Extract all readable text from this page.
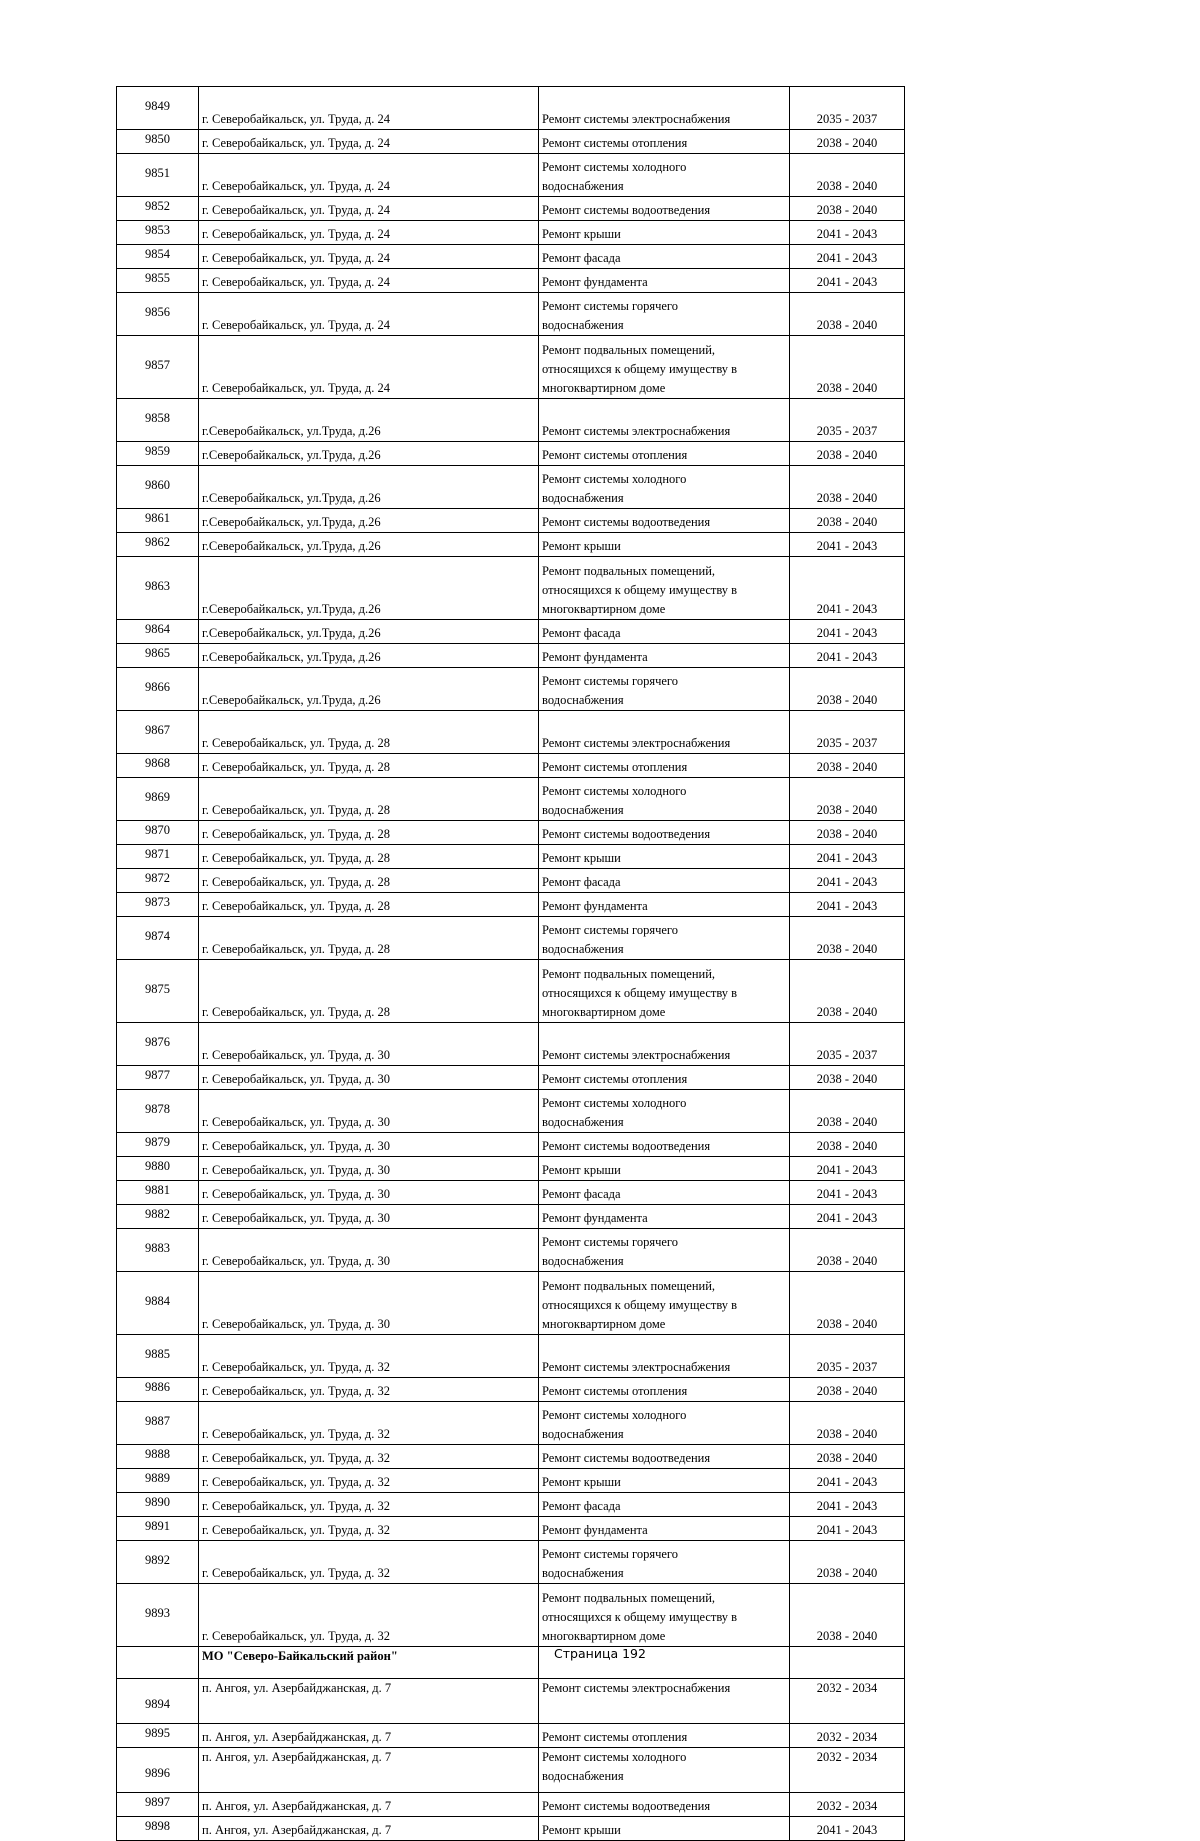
9849	г. Северобайкальск, ул. Труда, д. 24	Ремонт системы электроснабжения	2035 - 2037
9850	г. Северобайкальск, ул. Труда, д. 24	Ремонт системы отопления	2038 - 2040
9851	г. Северобайкальск, ул. Труда, д. 24	Ремонт системы холодного
водоснабжения	2038 - 2040
9852	г. Северобайкальск, ул. Труда, д. 24	Ремонт системы водоотведения	2038 - 2040
9853	г. Северобайкальск, ул. Труда, д. 24	Ремонт крыши	2041 - 2043
9854	г. Северобайкальск, ул. Труда, д. 24	Ремонт фасада	2041 - 2043
9855	г. Северобайкальск, ул. Труда, д. 24	Ремонт фундамента	2041 - 2043
9856	г. Северобайкальск, ул. Труда, д. 24	Ремонт системы горячего
водоснабжения	2038 - 2040
9857	г. Северобайкальск, ул. Труда, д. 24	Ремонт подвальных помещений,
относящихся к общему имуществу в
многоквартирном доме	2038 - 2040
9858	г.Северобайкальск, ул.Труда, д.26	Ремонт системы электроснабжения	2035 - 2037
9859	г.Северобайкальск, ул.Труда, д.26	Ремонт системы отопления	2038 - 2040
9860	г.Северобайкальск, ул.Труда, д.26	Ремонт системы холодного
водоснабжения	2038 - 2040
9861	г.Северобайкальск, ул.Труда, д.26	Ремонт системы водоотведения	2038 - 2040
9862	г.Северобайкальск, ул.Труда, д.26	Ремонт крыши	2041 - 2043
9863	г.Северобайкальск, ул.Труда, д.26	Ремонт подвальных помещений,
относящихся к общему имуществу в
многоквартирном доме	2041 - 2043
9864	г.Северобайкальск, ул.Труда, д.26	Ремонт фасада	2041 - 2043
9865	г.Северобайкальск, ул.Труда, д.26	Ремонт фундамента	2041 - 2043
9866	г.Северобайкальск, ул.Труда, д.26	Ремонт системы горячего
водоснабжения	2038 - 2040
9867	г. Северобайкальск, ул. Труда, д. 28	Ремонт системы электроснабжения	2035 - 2037
9868	г. Северобайкальск, ул. Труда, д. 28	Ремонт системы отопления	2038 - 2040
9869	г. Северобайкальск, ул. Труда, д. 28	Ремонт системы холодного
водоснабжения	2038 - 2040
9870	г. Северобайкальск, ул. Труда, д. 28	Ремонт системы водоотведения	2038 - 2040
9871	г. Северобайкальск, ул. Труда, д. 28	Ремонт крыши	2041 - 2043
9872	г. Северобайкальск, ул. Труда, д. 28	Ремонт фасада	2041 - 2043
9873	г. Северобайкальск, ул. Труда, д. 28	Ремонт фундамента	2041 - 2043
9874	г. Северобайкальск, ул. Труда, д. 28	Ремонт системы горячего
водоснабжения	2038 - 2040
9875	г. Северобайкальск, ул. Труда, д. 28	Ремонт подвальных помещений,
относящихся к общему имуществу в
многоквартирном доме	2038 - 2040
9876	г. Северобайкальск, ул. Труда, д. 30	Ремонт системы электроснабжения	2035 - 2037
9877	г. Северобайкальск, ул. Труда, д. 30	Ремонт системы отопления	2038 - 2040
9878	г. Северобайкальск, ул. Труда, д. 30	Ремонт системы холодного
водоснабжения	2038 - 2040
9879	г. Северобайкальск, ул. Труда, д. 30	Ремонт системы водоотведения	2038 - 2040
9880	г. Северобайкальск, ул. Труда, д. 30	Ремонт крыши	2041 - 2043
9881	г. Северобайкальск, ул. Труда, д. 30	Ремонт фасада	2041 - 2043
9882	г. Северобайкальск, ул. Труда, д. 30	Ремонт фундамента	2041 - 2043
9883	г. Северобайкальск, ул. Труда, д. 30	Ремонт системы горячего
водоснабжения	2038 - 2040
9884	г. Северобайкальск, ул. Труда, д. 30	Ремонт подвальных помещений,
относящихся к общему имуществу в
многоквартирном доме	2038 - 2040
9885	г. Северобайкальск, ул. Труда, д. 32	Ремонт системы электроснабжения	2035 - 2037
9886	г. Северобайкальск, ул. Труда, д. 32	Ремонт системы отопления	2038 - 2040
9887	г. Северобайкальск, ул. Труда, д. 32	Ремонт системы холодного
водоснабжения	2038 - 2040
9888	г. Северобайкальск, ул. Труда, д. 32	Ремонт системы водоотведения	2038 - 2040
9889	г. Северобайкальск, ул. Труда, д. 32	Ремонт крыши	2041 - 2043
9890	г. Северобайкальск, ул. Труда, д. 32	Ремонт фасада	2041 - 2043
9891	г. Северобайкальск, ул. Труда, д. 32	Ремонт фундамента	2041 - 2043
9892	г. Северобайкальск, ул. Труда, д. 32	Ремонт системы горячего
водоснабжения	2038 - 2040
9893	г. Северобайкальск, ул. Труда, д. 32	Ремонт подвальных помещений,
относящихся к общему имуществу в
многоквартирном доме	2038 - 2040
	МО "Северо-Байкальский район"		
9894	п. Ангоя, ул. Азербайджанская, д. 7	Ремонт системы электроснабжения	2032 - 2034
9895	п. Ангоя, ул. Азербайджанская, д. 7	Ремонт системы отопления	2032 - 2034
9896	п. Ангоя, ул. Азербайджанская, д. 7	Ремонт системы холодного
водоснабжения	2032 - 2034
9897	п. Ангоя, ул. Азербайджанская, д. 7	Ремонт системы водоотведения	2032 - 2034
9898	п. Ангоя, ул. Азербайджанская, д. 7	Ремонт крыши	2041 - 2043
Страница 192
